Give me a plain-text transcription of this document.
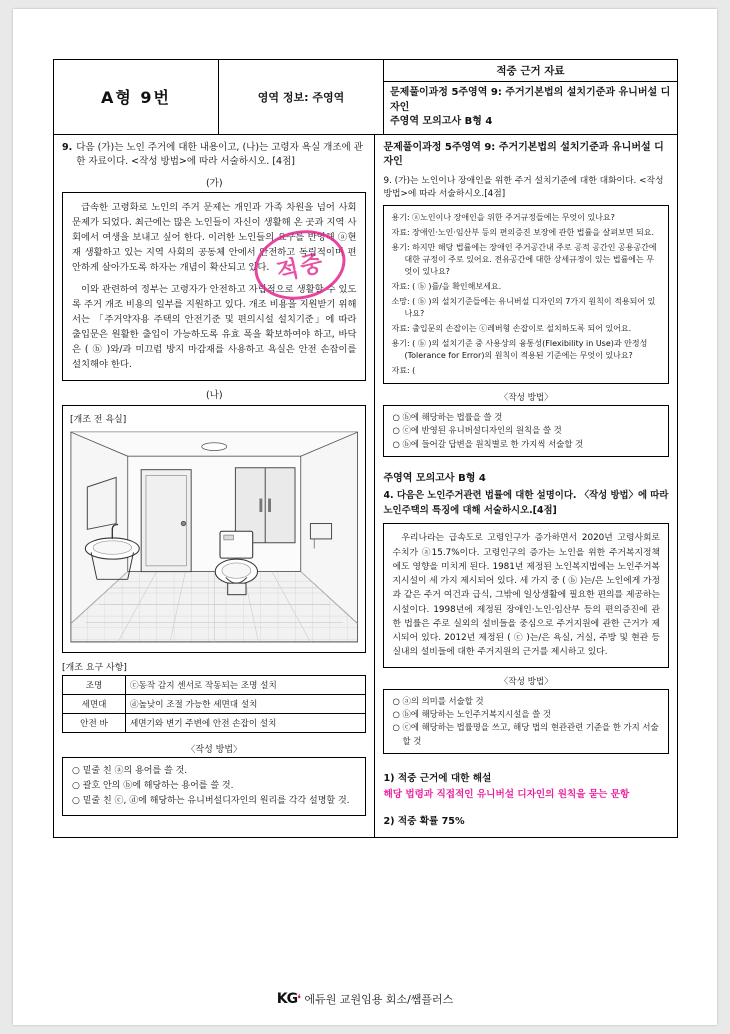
A형 9번	영역 정보: 주영역	
적중 근거 자료
문제풀이과정 5주영역 9: 주거기본법의 설치기준과 유니버설 디자인
주영역 모의고사 B형 4

9. 다음 (가)는 노인 주거에 대한 내용이고, (나)는 고령자 욕실 개조에 관한 자료이다. <작성 방법>에 따라 서술하시오. [4점]
(가)

급속한 고령화로 노인의 주거 문제는 개인과 가족 차원을 넘어 사회 문제가 되었다. 최근에는 많은 노인들이 자신이 생활해 온 곳과 지역 사회에서 여생을 보내고 싶어 한다. 이러한 노인들의 요구를 반영해 ⓐ현재 생활하고 있는 지역 사회의 공동체 안에서 안전하고 독립적이며 편안하게 살아가도록 하자는 개념이 확산되고 있다.

이와 관련하여 정부는 고령자가 안전하고 자립적으로 생활할 수 있도록 주거 개조 비용의 일부를 지원하고 있다. 개조 비용을 지원받기 위해서는 「주거약자용 주택의 안전기준 및 편의시설 설치기준」에 따라 출입문은 원활한 출입이 가능하도록 유효 폭을 확보하여야 하고, 바닥은 ( ⓑ )와/과 미끄럼 방지 마감재를 사용하고 욕실은 안전 손잡이를 설치해야 한다.

(나)
[개조 전 욕실]
[개조 요구 사항]
조명	ⓒ동작 감지 센서로 작동되는 조명 설치
세면대	ⓓ높낮이 조절 가능한 세면대 설치
안전 바	세면기와 변기 주변에 안전 손잡이 설치
〈작성 방법〉
○ 밑줄 친 ⓐ의 용어를 쓸 것.
○ 괄호 안의 ⓑ에 해당하는 용어를 쓸 것.
○ 밑줄 친 ⓒ, ⓓ에 해당하는 유니버설디자인의 원리를 각각 설명할 것.
적중
문제풀이과정 5주영역 9: 주거기본법의 설치기준과 유니버설 디자인
9. (가)는 노인이나 장애인을 위한 주거 설치기준에 대한 대화이다. <작성 방법>에 따라 서술하시오.[4점]
용기: ⓐ노인이나 장애인을 위한 주거규정들에는 무엇이 있나요?
자료: 장애인·노인·임산부 등의 편의증진 보장에 관한 법률을 살펴보면 되요.
용기: 하지만 해당 법률에는 장애인 주거공간내 주로 공적 공간인 공용공간에 대한 규정이 주로 있어요. 전유공간에 대한 상세규정이 있는 법률에는 무엇이 있나요?
자료: ( ⓑ )를/을 확인해보세요.
소망: ( ⓑ )의 설치기준들에는 유니버설 디자인의 7가지 원칙이 적용되어 있나요?
자료: 출입문의 손잡이는 ⓒ레버형 손잡이로 설치하도록 되어 있어요.
용기: ( ⓑ )의 설치기준 중 사용상의 융통성(Flexibility in Use)과 안정성(Tolerance for Error)의 원칙이 적용된 기준에는 무엇이 있나요?
자료: (
〈작성 방법〉
○ ⓑ에 해당하는 법률을 쓸 것
○ ⓒ에 반영된 유니버설디자인의 원칙을 쓸 것
○ ⓑ에 들어갈 답변을 원칙별로 한 가지씩 서술할 것
주영역 모의고사 B형 4
4. 다음은 노인주거관련 법률에 대한 설명이다. 〈작성 방법〉에 따라 노인주택의 특징에 대해 서술하시오.[4점]

우리나라는 급속도로 고령인구가 증가하면서 2020년 고령사회로 수치가 ⓐ15.7%이다. 고령인구의 증가는 노인을 위한 주거복지정책에도 영향을 미치게 된다. 1981년 제정된 노인복지법에는 노인주거복지시설이 세 가지 제시되어 있다. 세 가지 중 ( ⓑ )는/은 노인에게 가정과 같은 주거 여건과 급식, 그밖에 일상생활에 필요한 편의를 제공하는 시설이다. 1998년에 제정된 장애인·노인·임산부 등의 편의증진에 관한 법률은 주로 실외의 설비들을 중심으로 주거지원에 관한 근거가 제시되어 있다. 2012년 제정된 ( ⓒ )는/은 욕실, 거실, 주방 및 현관 등 실내의 설비들에 대한 주거지원의 근거를 제시하고 있다.

〈작성 방법〉
○ ⓐ의 의미를 서술할 것
○ ⓑ에 해당하는 노인주거복지시설을 쓸 것
○ ⓒ에 해당하는 법률명을 쓰고, 해당 법의 현관관련 기준을 한 가지 서술할 것
1) 적중 근거에 대한 해설
해당 법령과 직접적인 유니버설 디자인의 원칙을 묻는 문항
2) 적중 확률 75%
KG❛ 에듀원 교원임용 회소/쌤플러스
